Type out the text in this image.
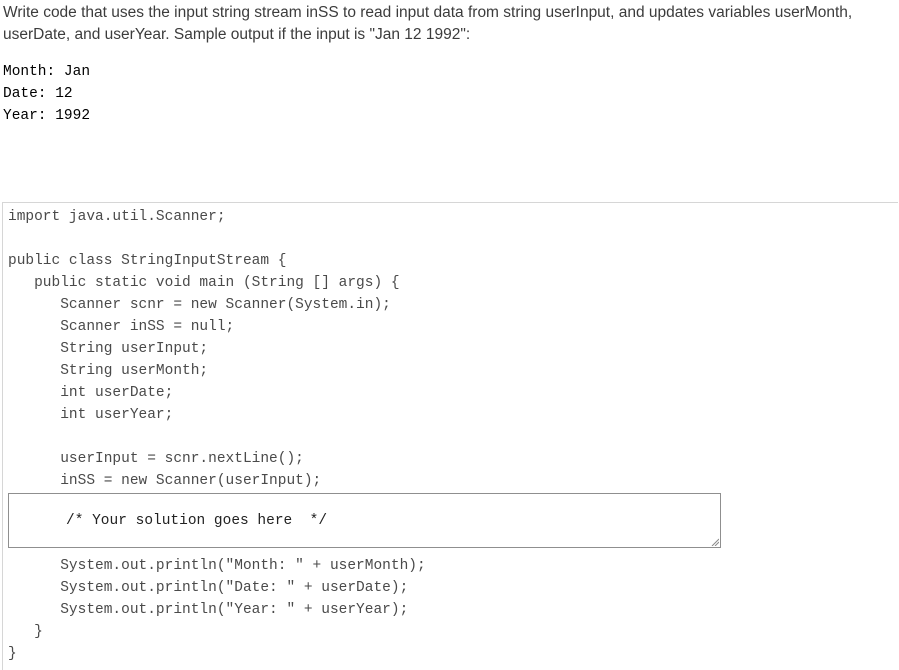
Write code that uses the input string stream inSS to read input data from string userInput, and updates variables userMonth, userDate, and userYear. Sample output if the input is "Jan 12 1992":

Month: Jan
Date: 12
Year: 1992
import java.util.Scanner;
public class StringInputStream {
public static void main (String [] args) {
Scanner scnr = new Scanner(System.in);
Scanner inSS = null;
String userInput;
String userMonth;
int userDate;
int userYear;
userInput = scnr.nextLine();
inSS = new Scanner(userInput);
/* Your solution goes here  */
System.out.println("Month: " + userMonth);
System.out.println("Date: " + userDate);
System.out.println("Year: " + userYear);
}
}
